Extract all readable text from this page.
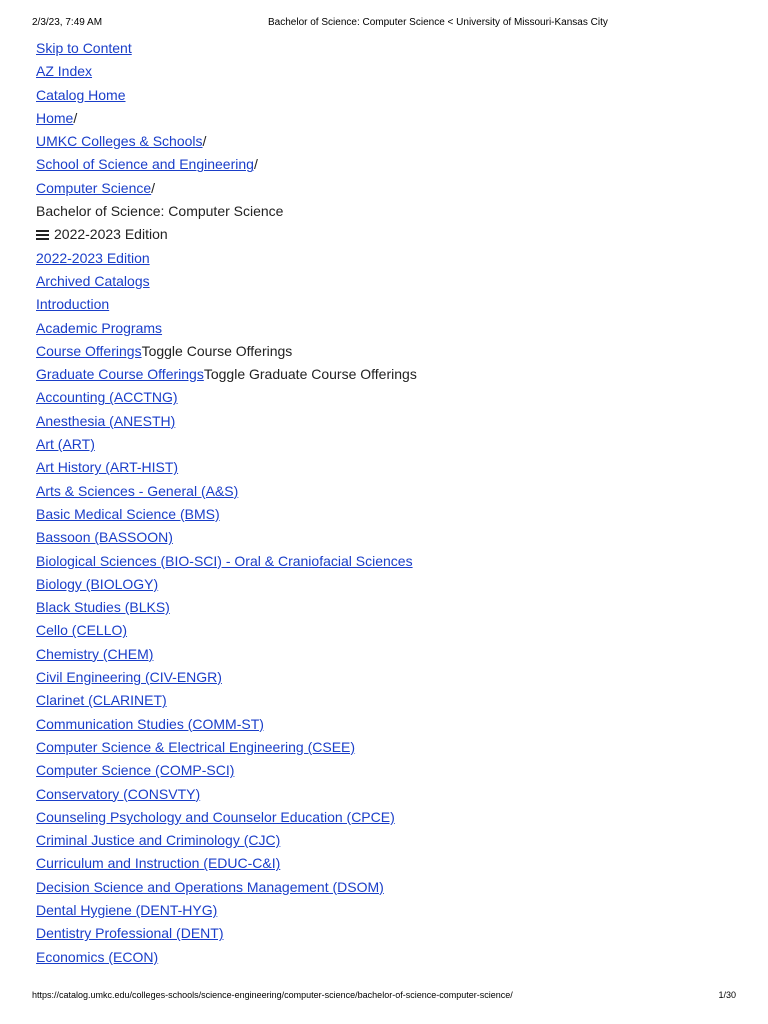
2/3/23, 7:49 AM	Bachelor of Science: Computer Science < University of Missouri-Kansas City
Skip to Content
AZ Index
Catalog Home
Home/
UMKC Colleges & Schools/
School of Science and Engineering/
Computer Science/
Bachelor of Science: Computer Science
2022-2023 Edition
2022-2023 Edition
Archived Catalogs
Introduction
Academic Programs
Course OfferingsToggle Course Offerings
Graduate Course OfferingsToggle Graduate Course Offerings
Accounting (ACCTNG)
Anesthesia (ANESTH)
Art (ART)
Art History (ART-HIST)
Arts & Sciences - General (A&S)
Basic Medical Science (BMS)
Bassoon (BASSOON)
Biological Sciences (BIO-SCI) - Oral & Craniofacial Sciences
Biology (BIOLOGY)
Black Studies (BLKS)
Cello (CELLO)
Chemistry (CHEM)
Civil Engineering (CIV-ENGR)
Clarinet (CLARINET)
Communication Studies (COMM-ST)
Computer Science & Electrical Engineering (CSEE)
Computer Science (COMP-SCI)
Conservatory (CONSVTY)
Counseling Psychology and Counselor Education (CPCE)
Criminal Justice and Criminology (CJC)
Curriculum and Instruction (EDUC-C&I)
Decision Science and Operations Management (DSOM)
Dental Hygiene (DENT-HYG)
Dentistry Professional (DENT)
Economics (ECON)
https://catalog.umkc.edu/colleges-schools/science-engineering/computer-science/bachelor-of-science-computer-science/	1/30
